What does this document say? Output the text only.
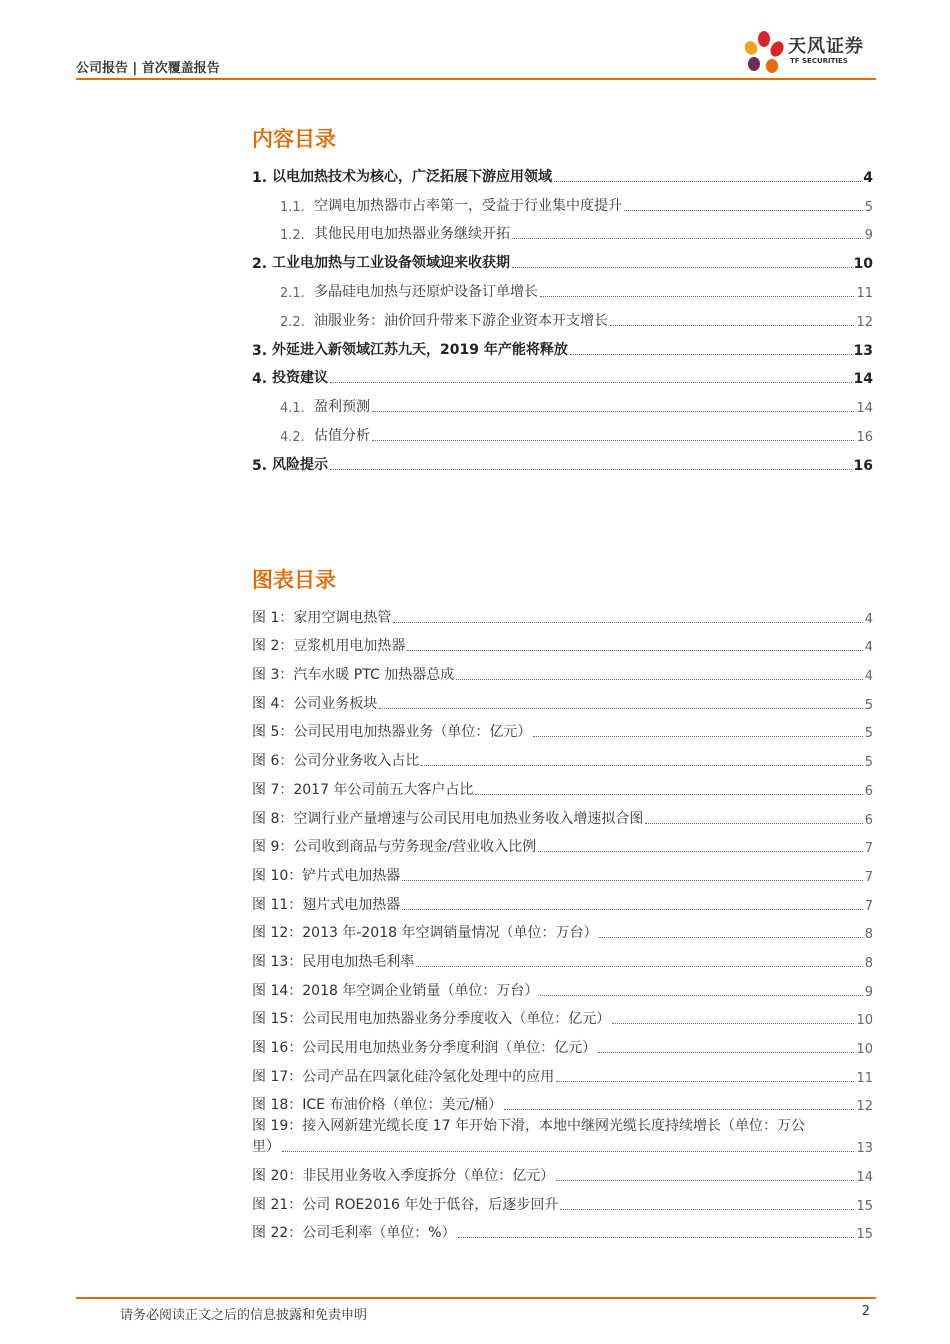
公司报告 | 首次覆盖报告
天风证券
TF SECURITIES
内容目录
1. 以电加热技术为核心，广泛拓展下游应用领域	4
1.1. 空调电加热器市占率第一，受益于行业集中度提升	5
1.2. 其他民用电加热器业务继续开拓	9
2. 工业电加热与工业设备领域迎来收获期	10
2.1. 多晶硅电加热与还原炉设备订单增长	11
2.2. 油服业务：油价回升带来下游企业资本开支增长	12
3. 外延进入新领域江苏九天，2019 年产能将释放	13
4. 投资建议	14
4.1. 盈利预测	14
4.2. 估值分析	16
5. 风险提示	16
图表目录
图 1：家用空调电热管	4
图 2：豆浆机用电加热器	4
图 3：汽车水暖 PTC 加热器总成	4
图 4：公司业务板块	5
图 5：公司民用电加热器业务（单位：亿元）	5
图 6：公司分业务收入占比	5
图 7：2017 年公司前五大客户占比	6
图 8：空调行业产量增速与公司民用电加热业务收入增速拟合图	6
图 9：公司收到商品与劳务现金/营业收入比例	7
图 10：铲片式电加热器	7
图 11：翅片式电加热器	7
图 12：2013 年-2018 年空调销量情况（单位：万台）	8
图 13：民用电加热毛利率	8
图 14：2018 年空调企业销量（单位：万台）	9
图 15：公司民用电加热器业务分季度收入（单位：亿元）	10
图 16：公司民用电加热业务分季度利润（单位：亿元）	10
图 17：公司产品在四氯化硅冷氢化处理中的应用	11
图 18：ICE 布油价格（单位：美元/桶）	12
图 19：接入网新建光缆长度 17 年开始下滑，本地中继网光缆长度持续增长（单位：万公
里）	13
图 20：非民用业务收入季度拆分（单位：亿元）	14
图 21：公司 ROE2016 年处于低谷，后逐步回升	15
图 22：公司毛利率（单位：%）	15
请务必阅读正文之后的信息披露和免责申明	2
